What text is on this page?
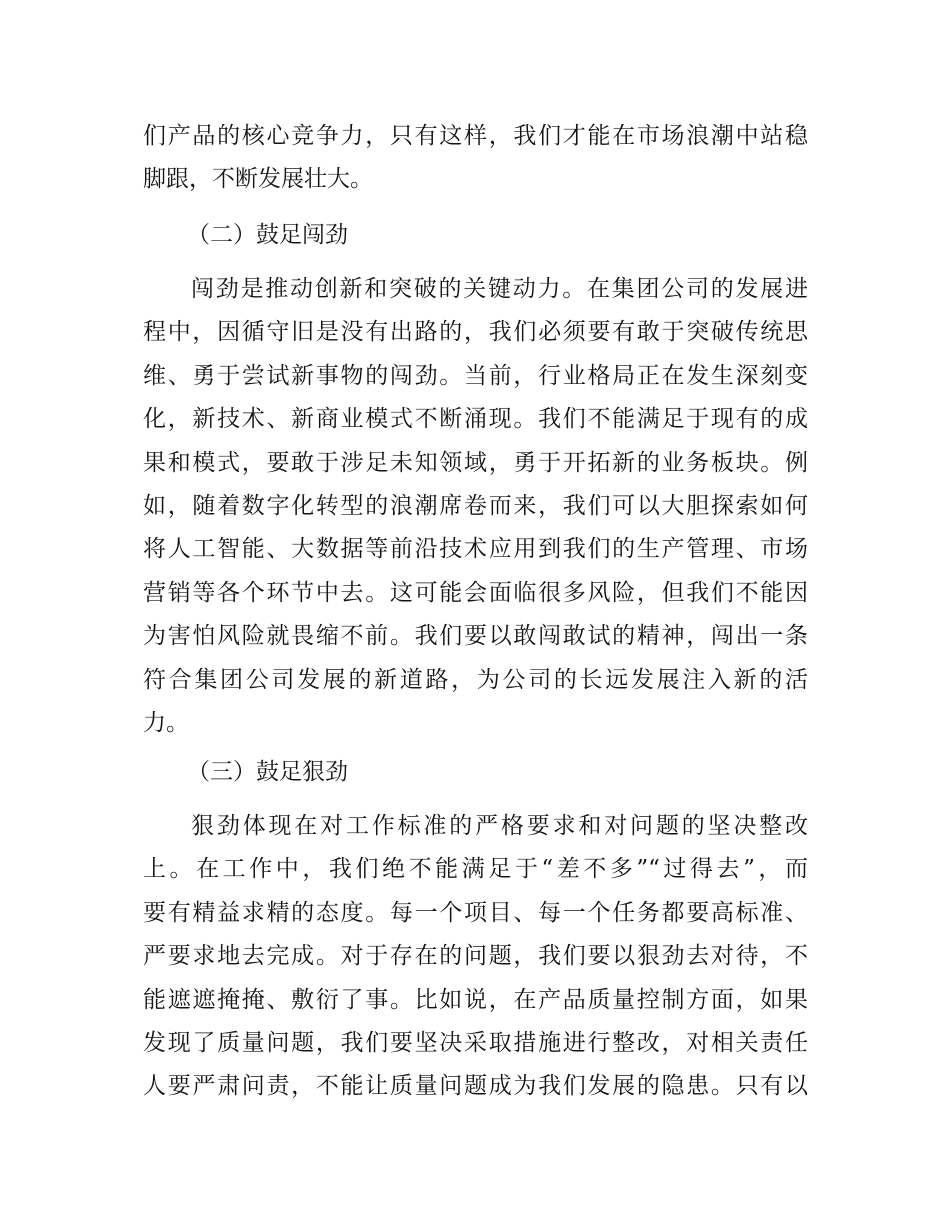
们产品的核心竞争力，只有这样，我们才能在市场浪潮中站稳
脚跟，不断发展壮大。
（二）鼓足闯劲
闯劲是推动创新和突破的关键动力。在集团公司的发展进
程中，因循守旧是没有出路的，我们必须要有敢于突破传统思
维、勇于尝试新事物的闯劲。当前，行业格局正在发生深刻变
化，新技术、新商业模式不断涌现。我们不能满足于现有的成
果和模式，要敢于涉足未知领域，勇于开拓新的业务板块。例
如，随着数字化转型的浪潮席卷而来，我们可以大胆探索如何
将人工智能、大数据等前沿技术应用到我们的生产管理、市场
营销等各个环节中去。这可能会面临很多风险，但我们不能因
为害怕风险就畏缩不前。我们要以敢闯敢试的精神，闯出一条
符合集团公司发展的新道路，为公司的长远发展注入新的活
力。
（三）鼓足狠劲
狠劲体现在对工作标准的严格要求和对问题的坚决整改
上。在工作中，我们绝不能满足于“差不多”“过得去”，而
要有精益求精的态度。每一个项目、每一个任务都要高标准、
严要求地去完成。对于存在的问题，我们要以狠劲去对待，不
能遮遮掩掩、敷衍了事。比如说，在产品质量控制方面，如果
发现了质量问题，我们要坚决采取措施进行整改，对相关责任
人要严肃问责，不能让质量问题成为我们发展的隐患。只有以
